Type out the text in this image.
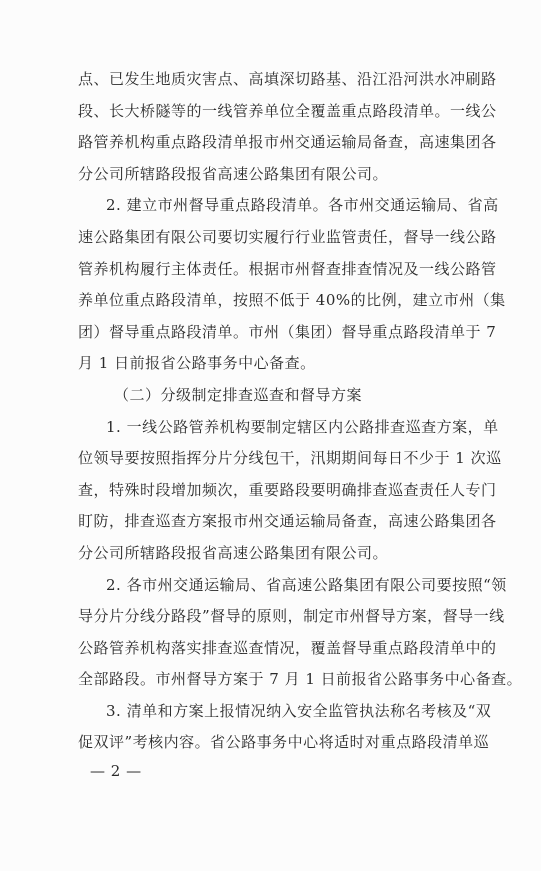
点、已发生地质灾害点、高填深切路基、沿江沿河洪水冲刷路
段、长大桥隧等的一线管养单位全覆盖重点路段清单。一线公
路管养机构重点路段清单报市州交通运输局备查，高速集团各
分公司所辖路段报省高速公路集团有限公司。
2. 建立市州督导重点路段清单。各市州交通运输局、省高
速公路集团有限公司要切实履行行业监管责任，督导一线公路
管养机构履行主体责任。根据市州督查排查情况及一线公路管
养单位重点路段清单，按照不低于 40%的比例，建立市州（集
团）督导重点路段清单。市州（集团）督导重点路段清单于 7
月 1 日前报省公路事务中心备查。
（二）分级制定排查巡查和督导方案
1. 一线公路管养机构要制定辖区内公路排查巡查方案，单
位领导要按照指挥分片分线包干，汛期期间每日不少于 1 次巡
查，特殊时段增加频次，重要路段要明确排查巡查责任人专门
盯防，排查巡查方案报市州交通运输局备查，高速公路集团各
分公司所辖路段报省高速公路集团有限公司。
2. 各市州交通运输局、省高速公路集团有限公司要按照“领
导分片分线分路段”督导的原则，制定市州督导方案，督导一线
公路管养机构落实排查巡查情况，覆盖督导重点路段清单中的
全部路段。市州督导方案于 7 月 1 日前报省公路事务中心备查。
3. 清单和方案上报情况纳入安全监管执法称名考核及“双
促双评”考核内容。省公路事务中心将适时对重点路段清单巡
— 2 —
